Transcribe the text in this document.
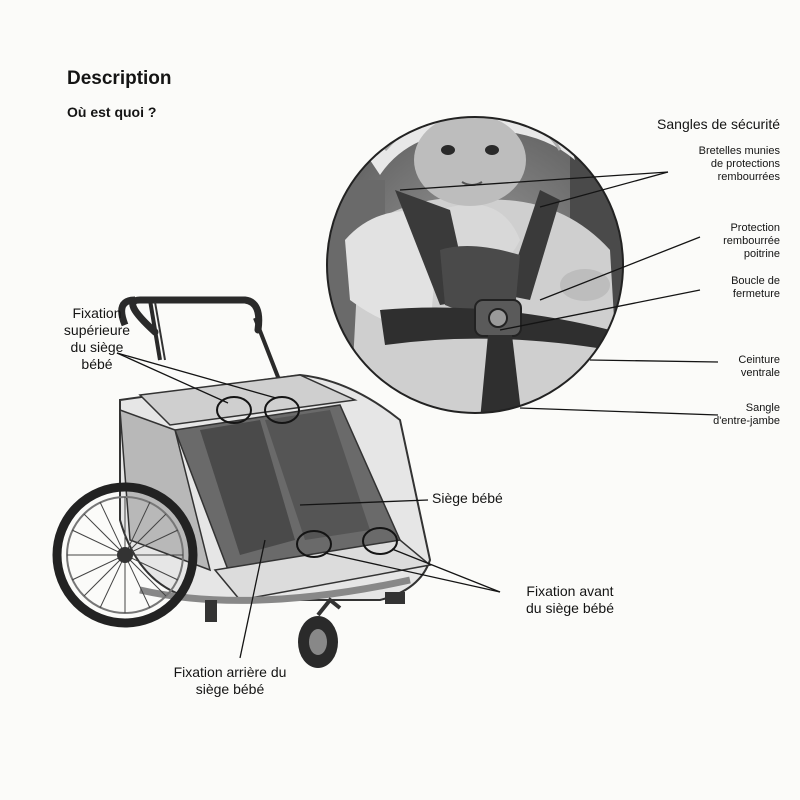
Description
Où est quoi ?
Sangles de sécurité
Bretelles munies
de protections
rembourrées
Protection
rembourrée
poitrine
Boucle de
fermeture
Ceinture
ventrale
Sangle
d'entre-jambe
Fixation
supérieure
du siège
bébé
Siège bébé
Fixation avant
du siège bébé
Fixation arrière du
siège bébé
